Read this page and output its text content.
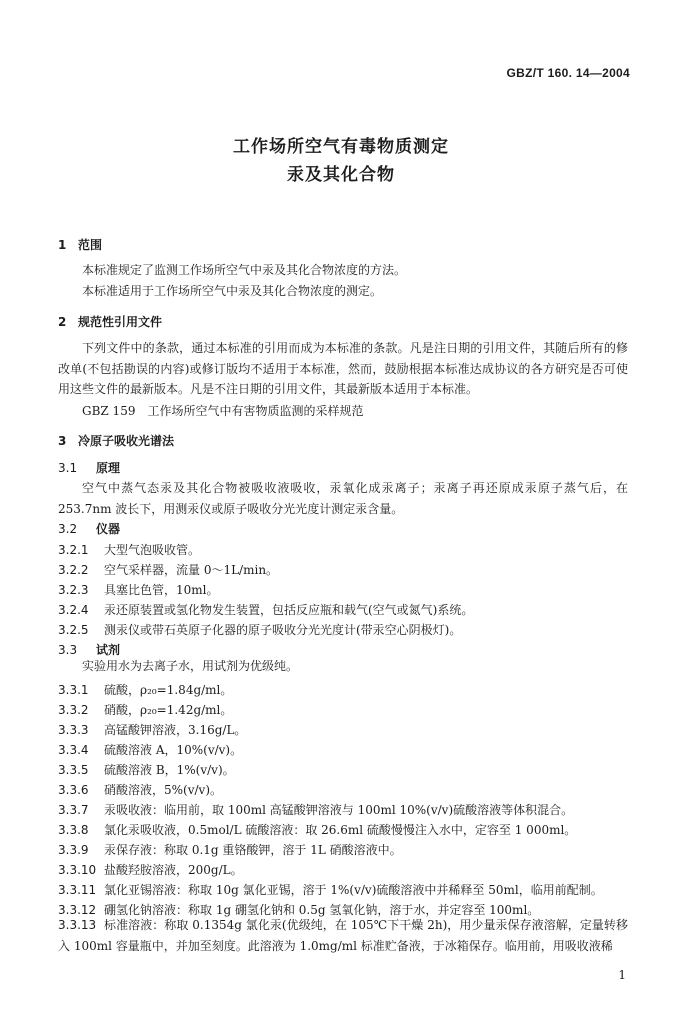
GBZ/T 160. 14—2004
工作场所空气有毒物质测定
汞及其化合物
1 范围
本标准规定了监测工作场所空气中汞及其化合物浓度的方法。
本标准适用于工作场所空气中汞及其化合物浓度的测定。
2 规范性引用文件
下列文件中的条款，通过本标准的引用而成为本标准的条款。凡是注日期的引用文件，其随后所有的修改单(不包括勘误的内容)或修订版均不适用于本标准，然而，鼓励根据本标准达成协议的各方研究是否可使用这些文件的最新版本。凡是不注日期的引用文件，其最新版本适用于本标准。
GBZ 159　工作场所空气中有害物质监测的采样规范
3 冷原子吸收光谱法
3.1 原理
空气中蒸气态汞及其化合物被吸收液吸收，汞氧化成汞离子；汞离子再还原成汞原子蒸气后，在253.7nm 波长下，用测汞仪或原子吸收分光光度计测定汞含量。
3.2 仪器
3.2.1 大型气泡吸收管。
3.2.2 空气采样器，流量 0～1L/min。
3.2.3 具塞比色管，10ml。
3.2.4 汞还原装置或氢化物发生装置，包括反应瓶和载气(空气或氮气)系统。
3.2.5 测汞仪或带石英原子化器的原子吸收分光光度计(带汞空心阴极灯)。
3.3 试剂
实验用水为去离子水，用试剂为优级纯。
3.3.1 硫酸，ρ₂₀=1.84g/ml。
3.3.2 硝酸，ρ₂₀=1.42g/ml。
3.3.3 高锰酸钾溶液，3.16g/L。
3.3.4 硫酸溶液 A，10%(v/v)。
3.3.5 硫酸溶液 B，1%(v/v)。
3.3.6 硝酸溶液，5%(v/v)。
3.3.7 汞吸收液：临用前，取 100ml 高锰酸钾溶液与 100ml 10%(v/v)硫酸溶液等体积混合。
3.3.8 氯化汞吸收液，0.5mol/L 硫酸溶液：取 26.6ml 硫酸慢慢注入水中，定容至 1 000ml。
3.3.9 汞保存液：称取 0.1g 重铬酸钾，溶于 1L 硝酸溶液中。
3.3.10 盐酸羟胺溶液，200g/L。
3.3.11 氯化亚锡溶液：称取 10g 氯化亚锡，溶于 1%(v/v)硫酸溶液中并稀释至 50ml，临用前配制。
3.3.12 硼氢化钠溶液：称取 1g 硼氢化钠和 0.5g 氢氧化钠，溶于水，并定容至 100ml。
3.3.13 标准溶液：称取 0.1354g 氯化汞(优级纯，在 105℃下干燥 2h)，用少量汞保存液溶解，定量转移入 100ml 容量瓶中，并加至刻度。此溶液为 1.0mg/ml 标准贮备液，于冰箱保存。临用前，用吸收液稀
1
